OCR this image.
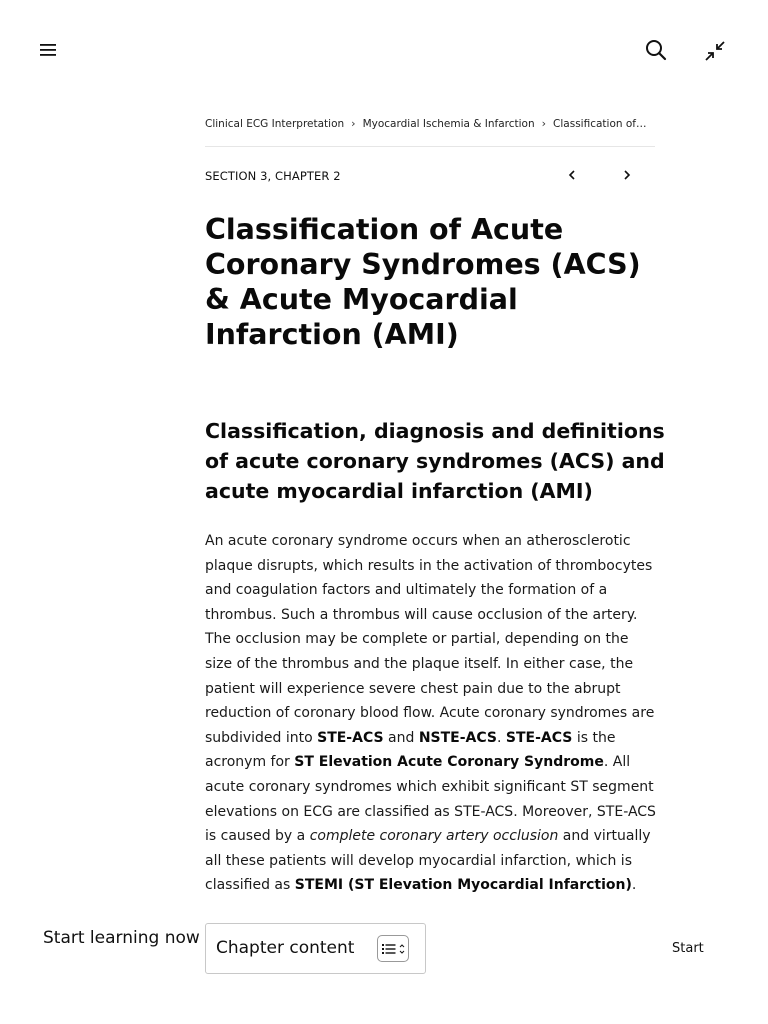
Clinical ECG Interpretation › Myocardial Ischemia & Infarction › Classification of ...
SECTION 3, CHAPTER 2
Classification of Acute Coronary Syndromes (ACS) & Acute Myocardial Infarction (AMI)
Classification, diagnosis and definitions of acute coronary syndromes (ACS) and acute myocardial infarction (AMI)

An acute coronary syndrome occurs when an atherosclerotic plaque disrupts, which results in the activation of thrombocytes and coagulation factors and ultimately the formation of a thrombus. Such a thrombus will cause occlusion of the artery. The occlusion may be complete or partial, depending on the size of the thrombus and the plaque itself. In either case, the patient will experience severe chest pain due to the abrupt reduction of coronary blood flow. Acute coronary syndromes are subdivided into STE-ACS and NSTE-ACS. STE-ACS is the acronym for ST Elevation Acute Coronary Syndrome. All acute coronary syndromes which exhibit significant ST segment elevations on ECG are classified as STE-ACS. Moreover, STE-ACS is caused by a complete coronary artery occlusion and virtually all these patients will develop myocardial infarction, which is classified as STEMI (ST Elevation Myocardial Infarction).

Start learning now Chapter content	Start
